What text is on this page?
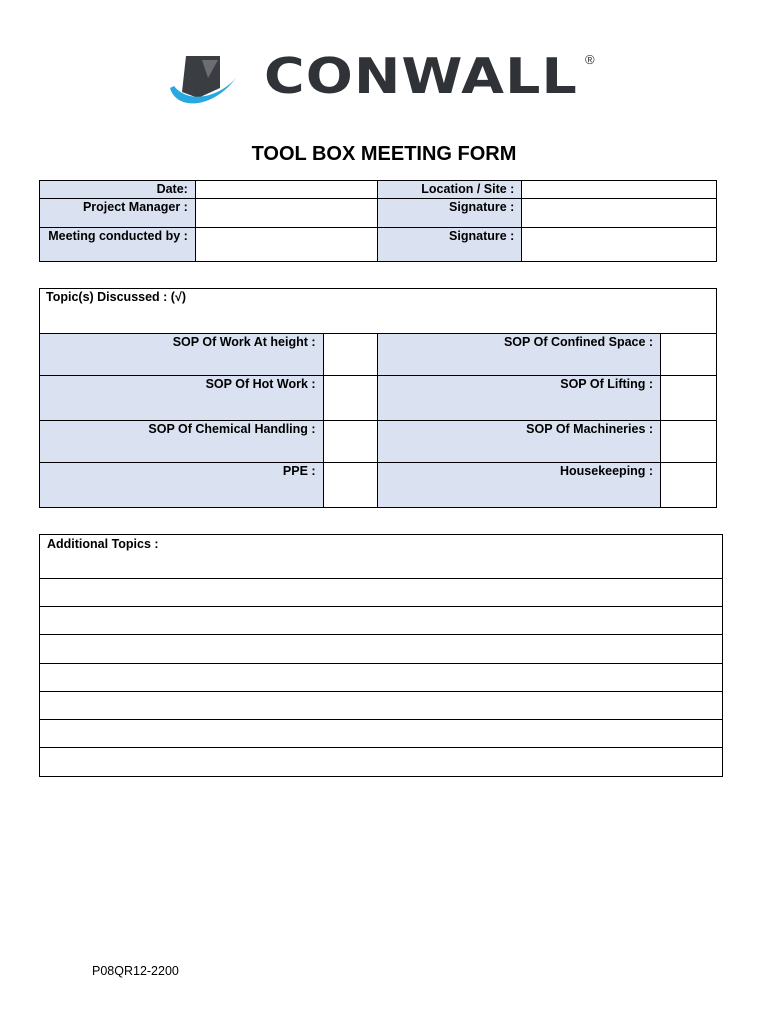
CONWALL ®
TOOL BOX MEETING FORM
Date:		Location / Site :	
Project Manager :		Signature :	
Meeting conducted by :		Signature :	
Topic(s) Discussed : (√)			
SOP Of Work At height :		SOP Of Confined Space :	
SOP Of Hot Work :		SOP Of Lifting :	
SOP Of Chemical Handling :		SOP Of Machineries :	
PPE :		Housekeeping :	
Additional Topics :

P08QR12-2200
